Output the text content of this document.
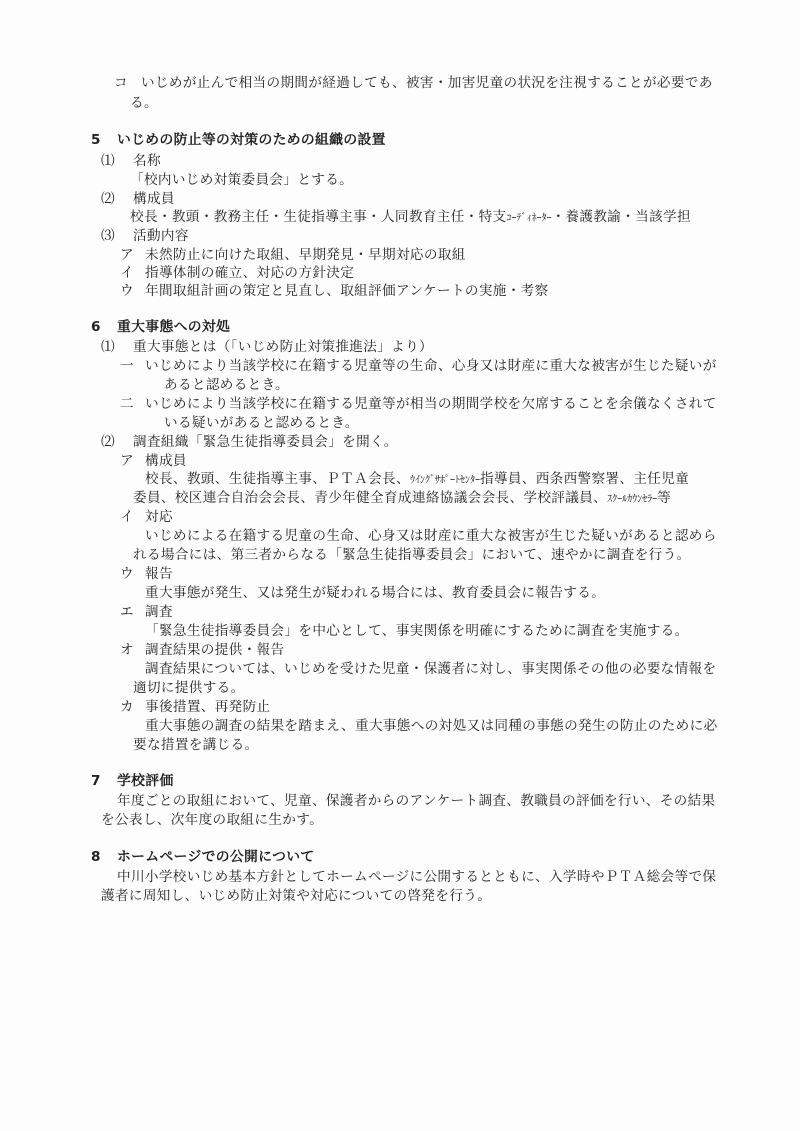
コ いじめが止んで相当の期間が経過しても、被害・加害児童の状況を注視することが必要であ
る。
5 いじめの防止等の対策のための組織の設置
⑴ 名称
「校内いじめ対策委員会」とする。
⑵ 構成員
校長・教頭・教務主任・生徒指導主事・人同教育主任・特支ｺｰﾃﾞｨﾈｰﾀｰ・養護教諭・当該学担
⑶ 活動内容
ア 未然防止に向けた取組、早期発見・早期対応の取組
イ 指導体制の確立、対応の方針決定
ウ 年間取組計画の策定と見直し、取組評価アンケートの実施・考察
6 重大事態への対処
⑴ 重大事態とは（「いじめ防止対策推進法」より）
一 いじめにより当該学校に在籍する児童等の生命、心身又は財産に重大な被害が生じた疑いが
あると認めるとき。
二 いじめにより当該学校に在籍する児童等が相当の期間学校を欠席することを余儀なくされて
いる疑いがあると認めるとき。
⑵ 調査組織「緊急生徒指導委員会」を開く。
ア 構成員
校長、教頭、生徒指導主事、ＰＴＡ会長、ｳｲﾝｸﾞｻﾎﾟｰﾄｾﾝﾀｰ指導員、西条西警察署、主任児童
委員、校区連合自治会会長、青少年健全育成連絡協議会会長、学校評議員、ｽｸｰﾙｶｳﾝｾﾗｰ等
イ 対応
いじめによる在籍する児童の生命、心身又は財産に重大な被害が生じた疑いがあると認めら
れる場合には、第三者からなる「緊急生徒指導委員会」において、速やかに調査を行う。
ウ 報告
重大事態が発生、又は発生が疑われる場合には、教育委員会に報告する。
エ 調査
「緊急生徒指導委員会」を中心として、事実関係を明確にするために調査を実施する。
オ 調査結果の提供・報告
調査結果については、いじめを受けた児童・保護者に対し、事実関係その他の必要な情報を
適切に提供する。
カ 事後措置、再発防止
重大事態の調査の結果を踏まえ、重大事態への対処又は同種の事態の発生の防止のために必
要な措置を講じる。
7 学校評価
年度ごとの取組において、児童、保護者からのアンケート調査、教職員の評価を行い、その結果
を公表し、次年度の取組に生かす。
8 ホームページでの公開について
中川小学校いじめ基本方針としてホームページに公開するとともに、入学時やＰＴＡ総会等で保
護者に周知し、いじめ防止対策や対応についての啓発を行う。
